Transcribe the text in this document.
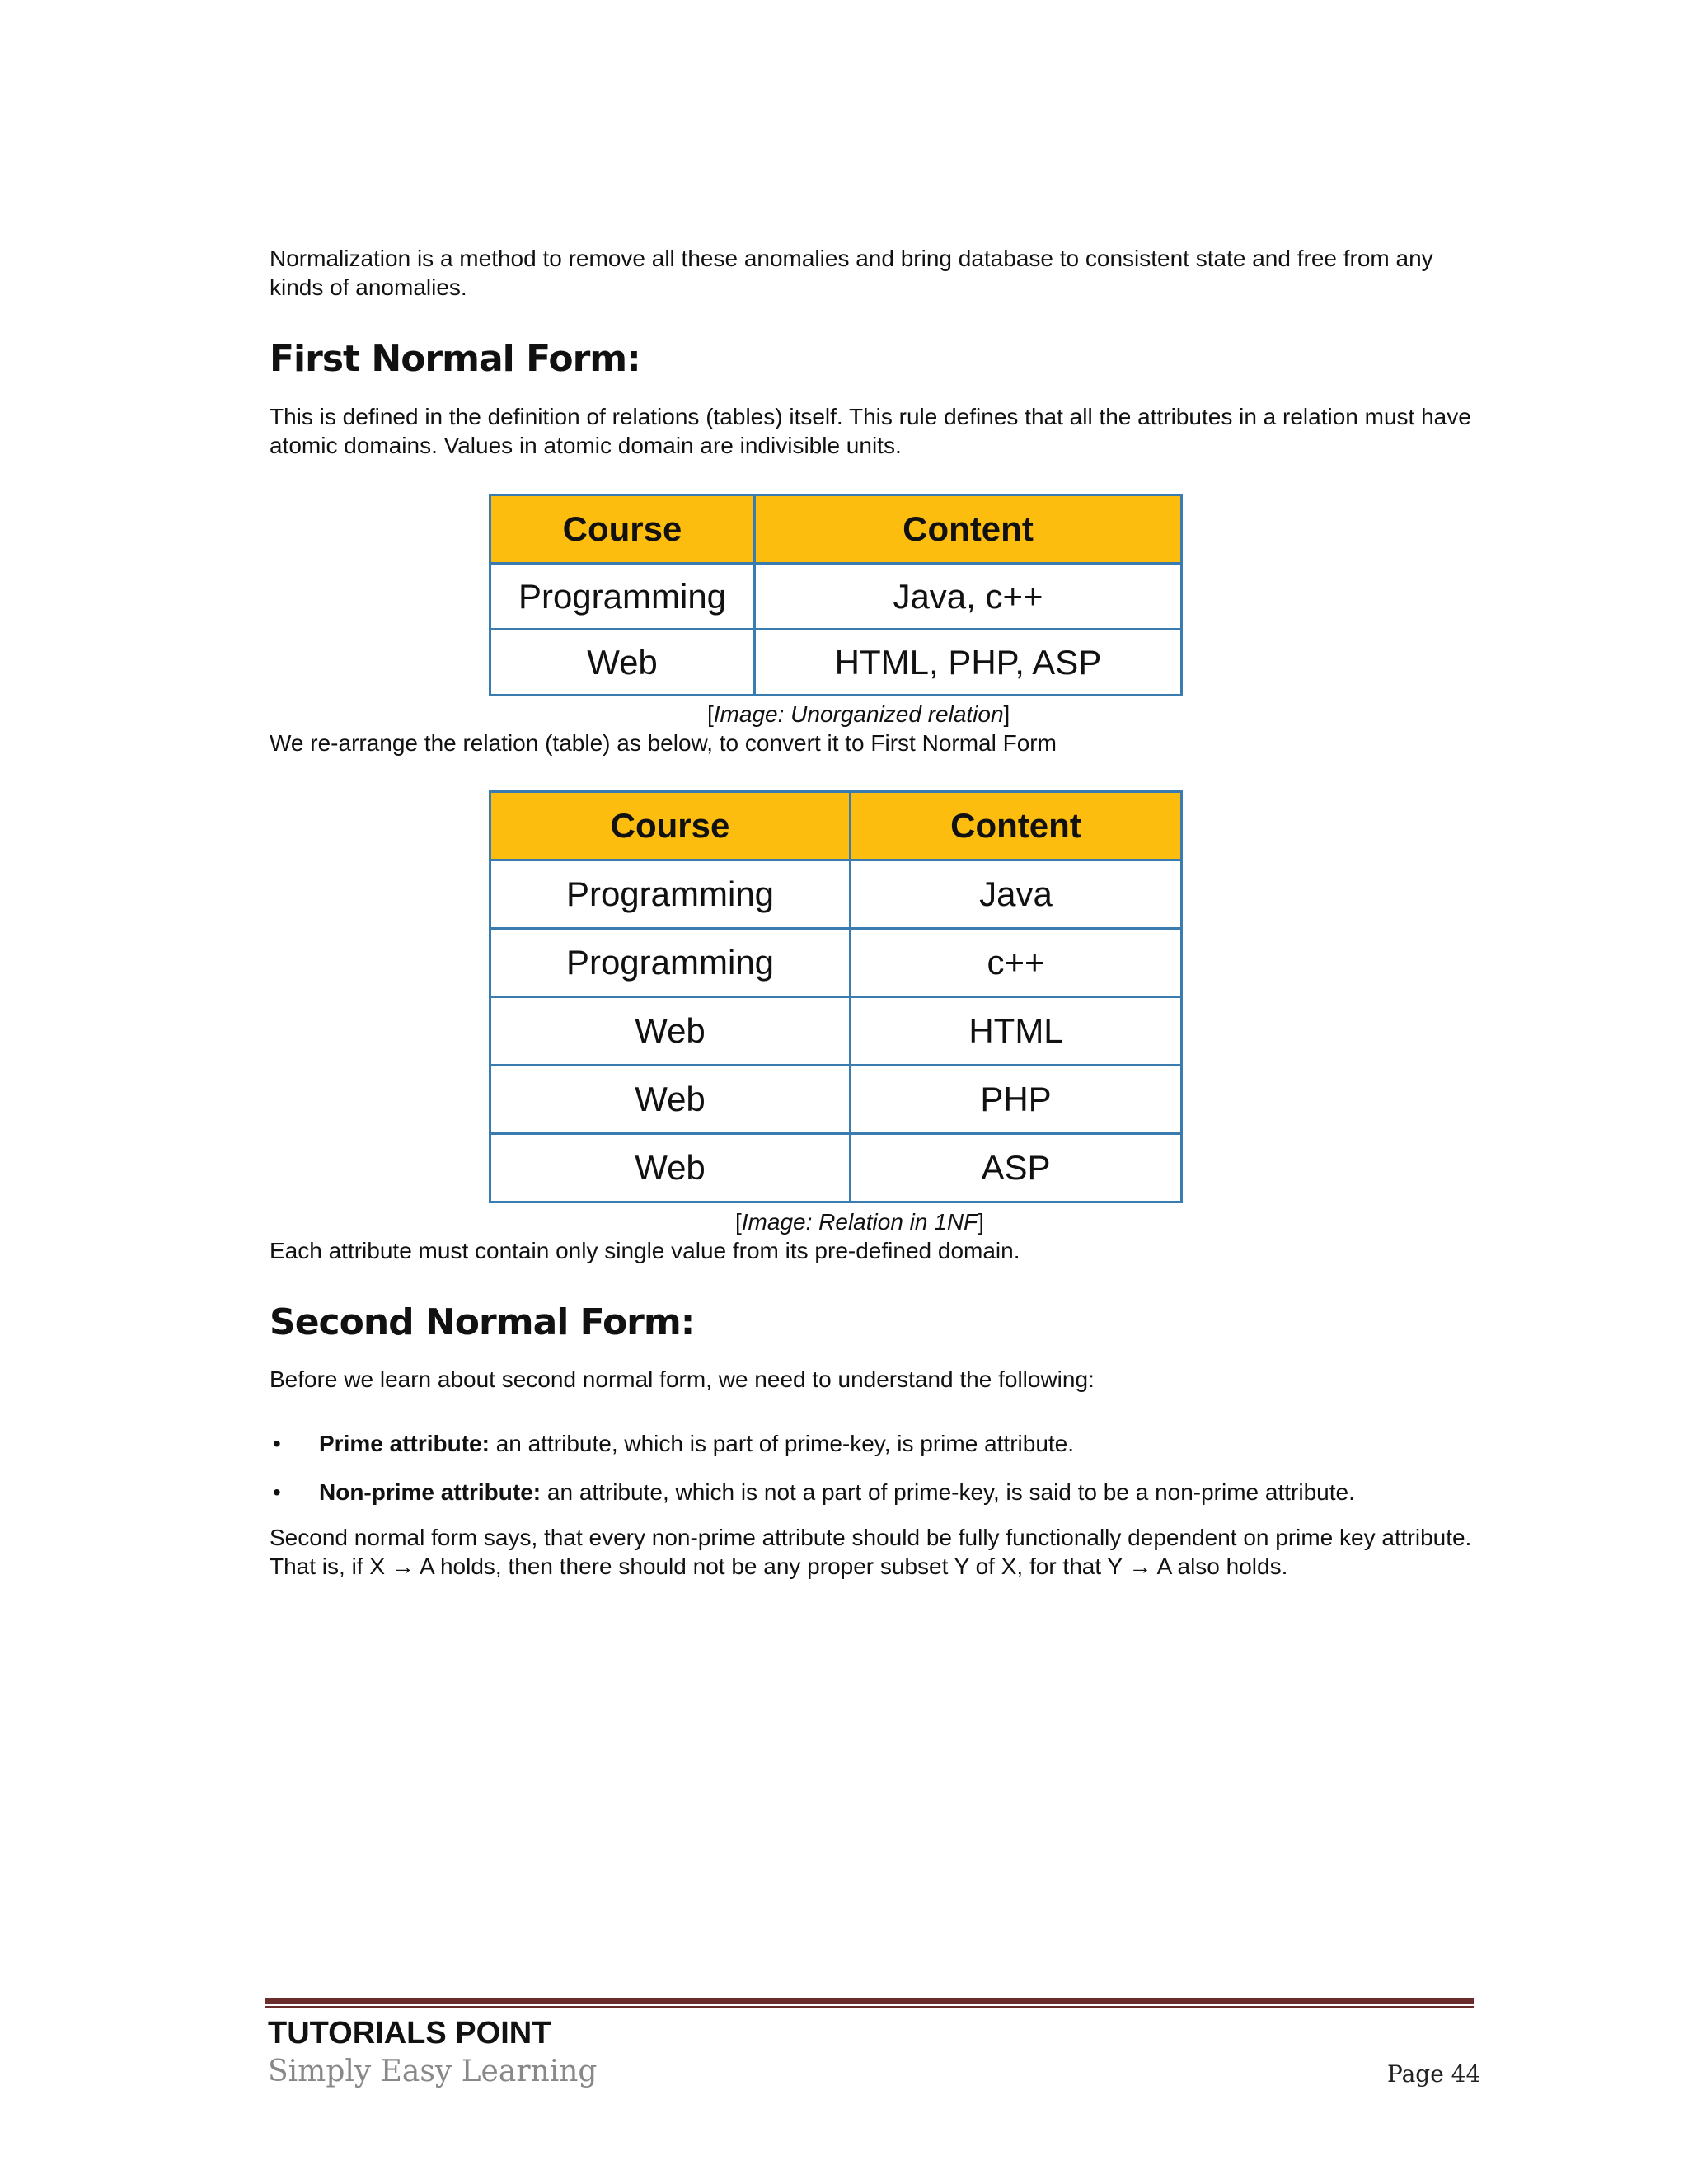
Normalization is a method to remove all these anomalies and bring database to consistent state and free from any kinds of anomalies.

First Normal Form:

This is defined in the definition of relations (tables) itself. This rule defines that all the attributes in a relation must have atomic domains. Values in atomic domain are indivisible units.

Course	Content
Programming	Java, c++
Web	HTML, PHP, ASP

[Image: Unorganized relation]

We re-arrange the relation (table) as below, to convert it to First Normal Form

Course	Content
Programming	Java
Programming	c++
Web	HTML
Web	PHP
Web	ASP

[Image: Relation in 1NF]

Each attribute must contain only single value from its pre-defined domain.

Second Normal Form:

Before we learn about second normal form, we need to understand the following:

• Prime attribute: an attribute, which is part of prime-key, is prime attribute.
• Non-prime attribute: an attribute, which is not a part of prime-key, is said to be a non-prime attribute.

Second normal form says, that every non-prime attribute should be fully functionally dependent on prime key attribute. That is, if X → A holds, then there should not be any proper subset Y of X, for that Y → A also holds.

TUTORIALS POINT
Simply Easy Learning	Page 44
